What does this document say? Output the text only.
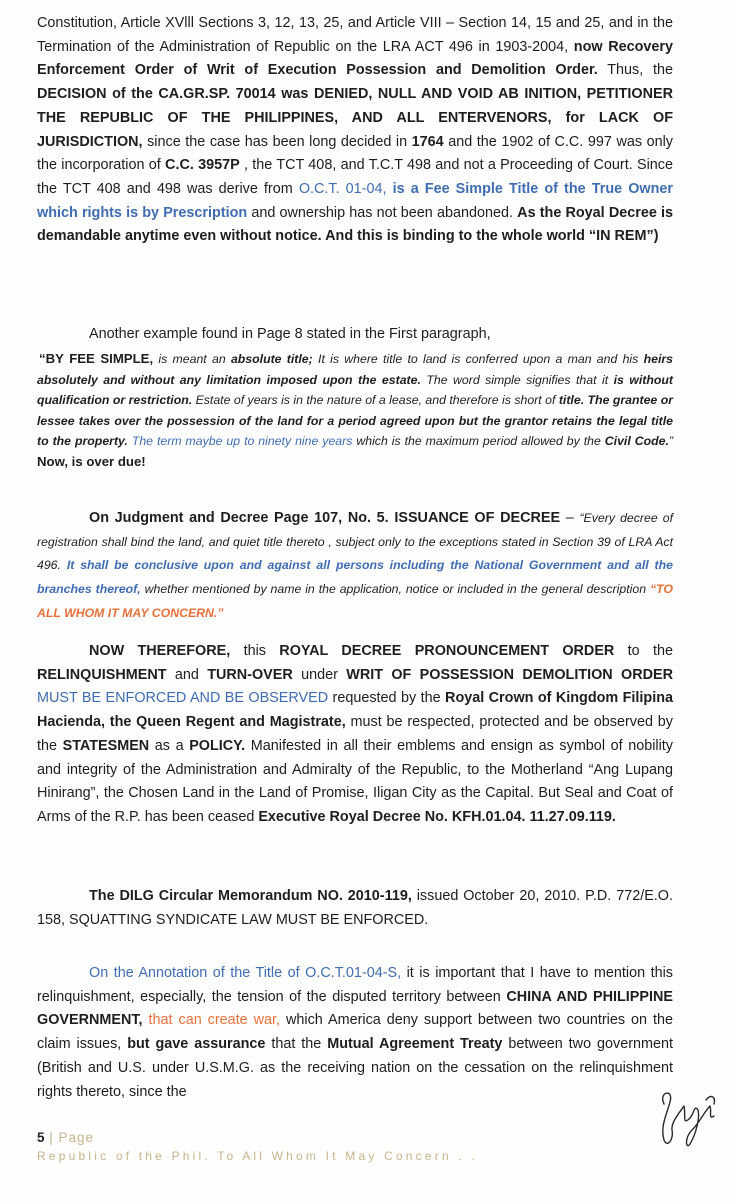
Constitution, Article XVlll Sections 3, 12, 13, 25, and Article VIII – Section 14, 15 and 25, and in the Termination of the Administration of Republic on the LRA ACT 496 in 1903-2004, now Recovery Enforcement Order of Writ of Execution Possession and Demolition Order. Thus, the DECISION of the CA.GR.SP. 70014 was DENIED, NULL AND VOID AB INITION, PETITIONER THE REPUBLIC OF THE PHILIPPINES, AND ALL ENTERVENORS, for LACK OF JURISDICTION, since the case has been long decided in 1764 and the 1902 of C.C. 997 was only the incorporation of C.C. 3957P , the TCT 408, and T.C.T 498 and not a Proceeding of Court. Since the TCT 408 and 498 was derive from O.C.T. 01-04, is a Fee Simple Title of the True Owner which rights is by Prescription and ownership has not been abandoned. As the Royal Decree is demandable anytime even without notice. And this is binding to the whole world “IN REM”)
Another example found in Page 8 stated in the First paragraph,
“BY FEE SIMPLE, is meant an absolute title; It is where title to land is conferred upon a man and his heirs absolutely and without any limitation imposed upon the estate. The word simple signifies that it is without qualification or restriction. Estate of years is in the nature of a lease, and therefore is short of title. The grantee or lessee takes over the possession of the land for a period agreed upon but the grantor retains the legal title to the property. The term maybe up to ninety nine years which is the maximum period allowed by the Civil Code.” Now, is over due!
On Judgment and Decree Page 107, No. 5. ISSUANCE OF DECREE – “Every decree of registration shall bind the land, and quiet title thereto , subject only to the exceptions stated in Section 39 of LRA Act 496. It shall be conclusive upon and against all persons including the National Government and all the branches thereof, whether mentioned by name in the application, notice or included in the general description “TO ALL WHOM IT MAY CONCERN.”
NOW THEREFORE, this ROYAL DECREE PRONOUNCEMENT ORDER to the RELINQUISHMENT and TURN-OVER under WRIT OF POSSESSION DEMOLITION ORDER MUST BE ENFORCED AND BE OBSERVED requested by the Royal Crown of Kingdom Filipina Hacienda, the Queen Regent and Magistrate, must be respected, protected and be observed by the STATESMEN as a POLICY. Manifested in all their emblems and ensign as symbol of nobility and integrity of the Administration and Admiralty of the Republic, to the Motherland “Ang Lupang Hinirang”, the Chosen Land in the Land of Promise, Iligan City as the Capital. But Seal and Coat of Arms of the R.P. has been ceased Executive Royal Decree No. KFH.01.04. 11.27.09.119.
The DILG Circular Memorandum NO. 2010-119, issued October 20, 2010. P.D. 772/E.O. 158, SQUATTING SYNDICATE LAW MUST BE ENFORCED.
On the Annotation of the Title of O.C.T.01-04-S, it is important that I have to mention this relinquishment, especially, the tension of the disputed territory between CHINA AND PHILIPPINE GOVERNMENT, that can create war, which America deny support between two countries on the claim issues, but gave assurance that the Mutual Agreement Treaty between two government (British and U.S. under U.S.M.G. as the receiving nation on the cessation on the relinquishment rights thereto, since the
5 | Page
Republic of the Phil. To All Whom It May Concern . .
